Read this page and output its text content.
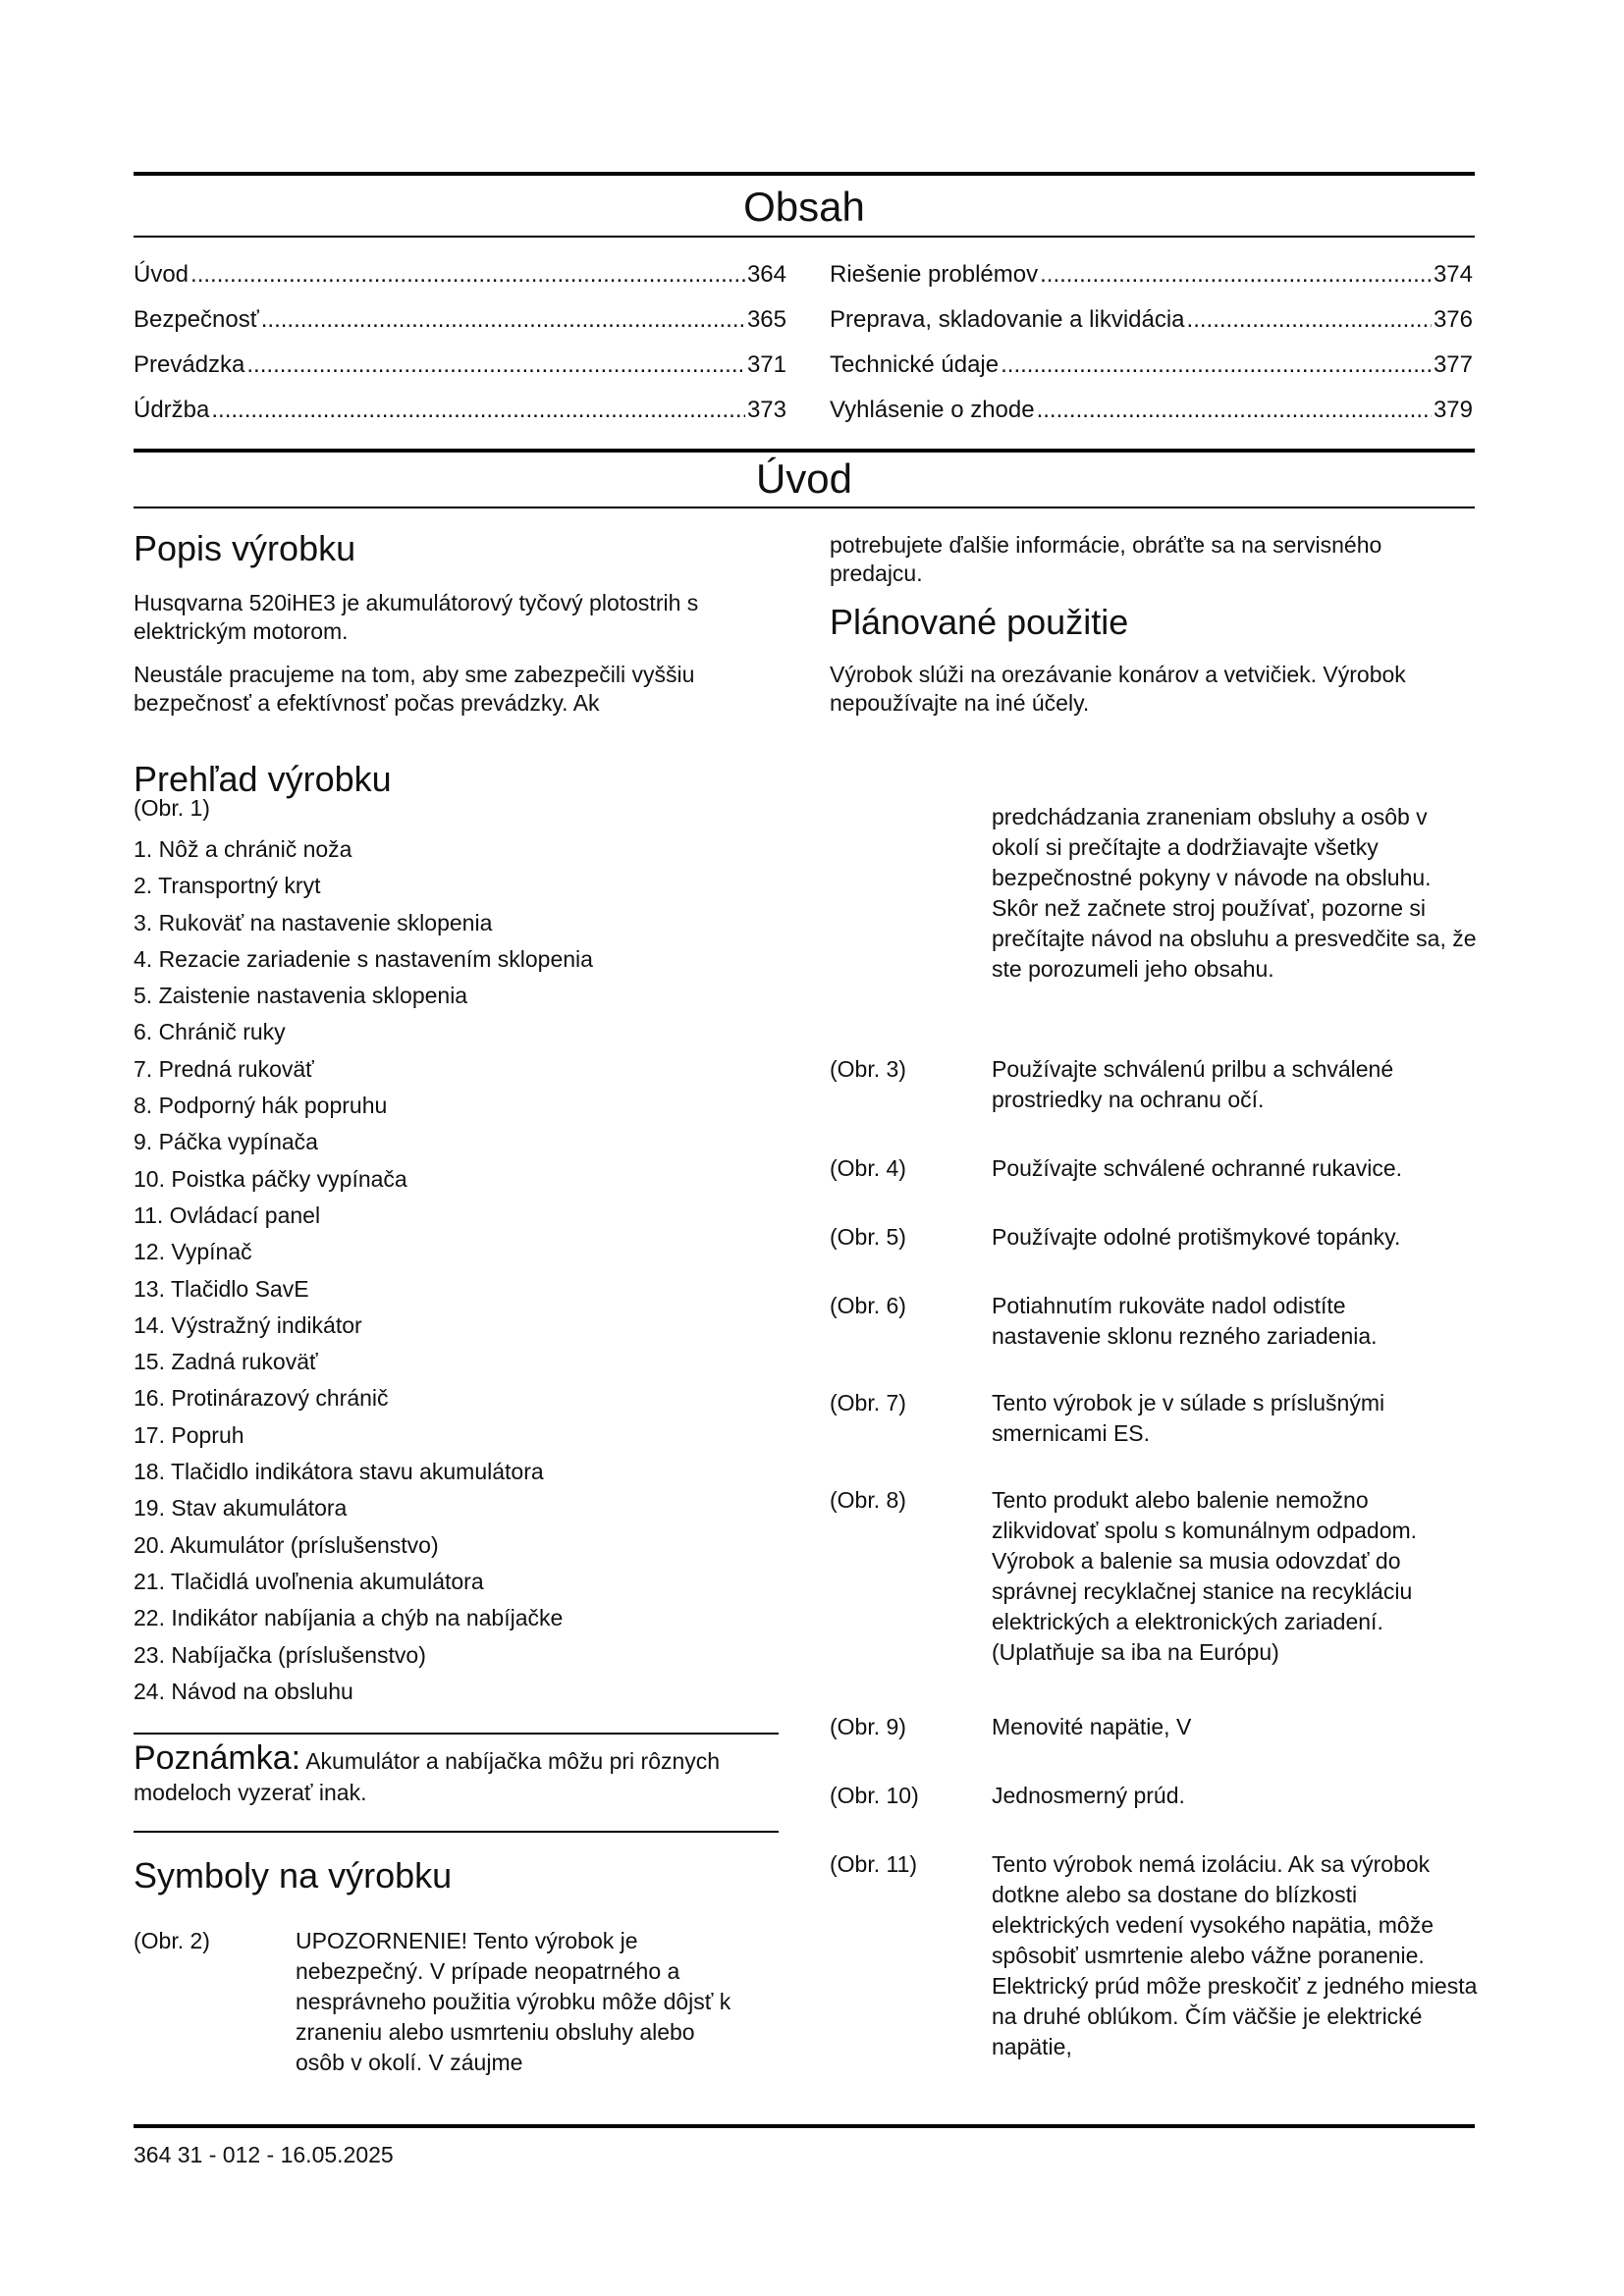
Obsah
Úvod .....	364
Bezpečnosť .....	365
Prevádzka .....	371
Údržba .....	373
Riešenie problémov .....	374
Preprava, skladovanie a likvidácia .....	376
Technické údaje .....	377
Vyhlásenie o zhode .....	379
Úvod
Popis výrobku

Husqvarna 520iHE3 je akumulátorový tyčový plotostrih s elektrickým motorom.

Neustále pracujeme na tom, aby sme zabezpečili vyššiu bezpečnosť a efektívnosť počas prevádzky. Ak

potrebujete ďalšie informácie, obráťte sa na servisného predajcu.

Plánované použitie

Výrobok slúži na orezávanie konárov a vetvičiek. Výrobok nepoužívajte na iné účely.

Prehľad výrobku

(Obr. 1)

1. Nôž a chránič noža
2. Transportný kryt
3. Rukoväť na nastavenie sklopenia
4. Rezacie zariadenie s nastavením sklopenia
5. Zaistenie nastavenia sklopenia
6. Chránič ruky
7. Predná rukoväť
8. Podporný hák popruhu
9. Páčka vypínača
10. Poistka páčky vypínača
11. Ovládací panel
12. Vypínač
13. Tlačidlo SavE
14. Výstražný indikátor
15. Zadná rukoväť
16. Protinárazový chránič
17. Popruh
18. Tlačidlo indikátora stavu akumulátora
19. Stav akumulátora
20. Akumulátor (príslušenstvo)
21. Tlačidlá uvoľnenia akumulátora
22. Indikátor nabíjania a chýb na nabíjačke
23. Nabíjačka (príslušenstvo)
24. Návod na obsluhu
Poznámka: Akumulátor a nabíjačka môžu pri rôznych modeloch vyzerať inak.
Symboly na výrobku
(Obr. 2)	UPOZORNENIE! Tento výrobok je nebezpečný. V prípade neopatrného a nesprávneho použitia výrobku môže dôjsť k zraneniu alebo usmrteniu obsluhy alebo osôb v okolí. V záujme
predchádzania zraneniam obsluhy a osôb v okolí si prečítajte a dodržiavajte všetky bezpečnostné pokyny v návode na obsluhu. Skôr než začnete stroj používať, pozorne si prečítajte návod na obsluhu a presvedčite sa, že ste porozumeli jeho obsahu.
(Obr. 3)	Používajte schválenú prilbu a schválené prostriedky na ochranu očí.
(Obr. 4)	Používajte schválené ochranné rukavice.
(Obr. 5)	Používajte odolné protišmykové topánky.
(Obr. 6)	Potiahnutím rukoväte nadol odistíte nastavenie sklonu rezného zariadenia.
(Obr. 7)	Tento výrobok je v súlade s príslušnými smernicami ES.
(Obr. 8)	Tento produkt alebo balenie nemožno zlikvidovať spolu s komunálnym odpadom. Výrobok a balenie sa musia odovzdať do správnej recyklačnej stanice na recykláciu elektrických a elektronických zariadení. (Uplatňuje sa iba na Európu)
(Obr. 9)	Menovité napätie, V
(Obr. 10)	Jednosmerný prúd.
(Obr. 11)	Tento výrobok nemá izoláciu. Ak sa výrobok dotkne alebo sa dostane do blízkosti elektrických vedení vysokého napätia, môže spôsobiť usmrtenie alebo vážne poranenie. Elektrický prúd môže preskočiť z jedného miesta na druhé oblúkom. Čím väčšie je elektrické napätie,
364 31 - 012 - 16.05.2025
